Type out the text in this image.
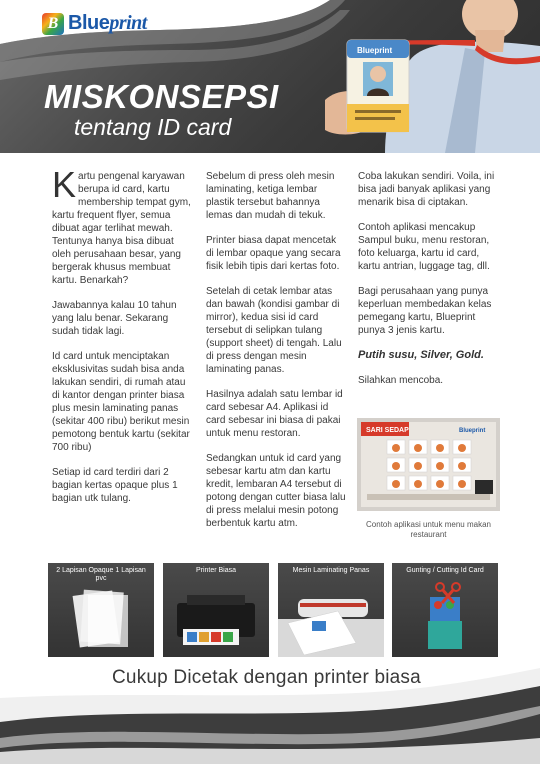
B Blueprint
Blueprint
MISKONSEPSI
tentang ID card

Kartu pengenal karyawan berupa id card, kartu membership tempat gym, kartu frequent flyer, semua dibuat agar terlihat mewah. Tentunya hanya bisa dibuat oleh perusahaan besar, yang bergerak khusus membuat kartu. Benarkah?

Jawabannya kalau 10 tahun yang lalu benar. Sekarang sudah tidak lagi.

Id card untuk menciptakan eksklusivitas sudah bisa anda lakukan sendiri, di rumah atau di kantor dengan printer biasa plus mesin laminating panas (sekitar 400 ribu) berikut mesin pemotong bentuk kartu (sekitar 700 ribu)

Setiap id card terdiri dari 2 bagian kertas opaque plus 1 bagian utk tulang.

Sebelum di press oleh mesin laminating, ketiga lembar plastik tersebut bahannya lemas dan mudah di tekuk.

Printer biasa dapat mencetak di lembar opaque yang secara fisik lebih tipis dari kertas foto.

Setelah di cetak lembar atas dan bawah (kondisi gambar di mirror), kedua sisi id card tersebut di selipkan tulang (support sheet) di tengah. Lalu di press dengan mesin laminating panas.

Hasilnya adalah satu lembar id card sebesar A4. Aplikasi id card sebesar ini biasa di pakai untuk menu restoran.

Sedangkan untuk id card yang sebesar kartu atm dan kartu kredit, lembaran A4 tersebut di potong dengan cutter biasa lalu di press melalui mesin potong berbentuk kartu atm.

Coba lakukan sendiri. Voila, ini bisa jadi banyak aplikasi yang menarik bisa di ciptakan.

Contoh aplikasi mencakup Sampul buku, menu restoran, foto keluarga, kartu id card, kartu antrian, luggage tag, dll.

Bagi perusahaan yang punya keperluan membedakan kelas pemegang kartu, Blueprint punya 3 jenis kartu.

Putih susu, Silver, Gold.

Silahkan mencoba.

SARI SEDAP	Blueprint
Contoh aplikasi untuk menu makan restaurant
2 Lapisan Opaque 1 Lapisan pvc
Printer Biasa	Mesin Laminating Panas	Gunting / Cutting Id Card
Cukup Dicetak dengan printer biasa
